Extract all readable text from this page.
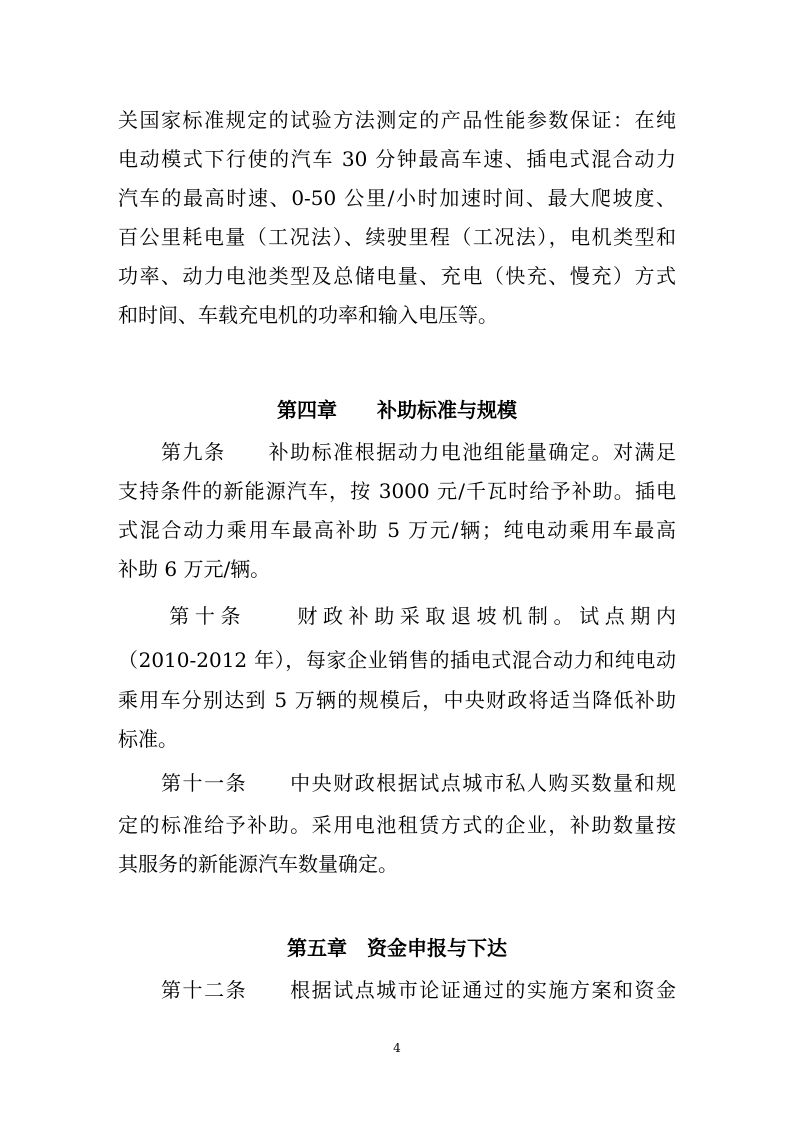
关国家标准规定的试验方法测定的产品性能参数保证：在纯
电动模式下行使的汽车 30 分钟最高车速、插电式混合动力
汽车的最高时速、0-50 公里/小时加速时间、最大爬坡度、
百公里耗电量（工况法）、续驶里程（工况法），电机类型和
功率、动力电池类型及总储电量、充电（快充、慢充）方式
和时间、车载充电机的功率和输入电压等。
第四章　　补助标准与规模
　　第九条　　补助标准根据动力电池组能量确定。对满足
支持条件的新能源汽车，按 3000 元/千瓦时给予补助。插电
式混合动力乘用车最高补助 5 万元/辆；纯电动乘用车最高
补助 6 万元/辆。
　　第十条　　财政补助采取退坡机制。试点期内
（2010-2012 年），每家企业销售的插电式混合动力和纯电动
乘用车分别达到 5 万辆的规模后，中央财政将适当降低补助
标准。
　　第十一条　　中央财政根据试点城市私人购买数量和规
定的标准给予补助。采用电池租赁方式的企业，补助数量按
其服务的新能源汽车数量确定。
第五章　资金申报与下达
　　第十二条　　根据试点城市论证通过的实施方案和资金
4
